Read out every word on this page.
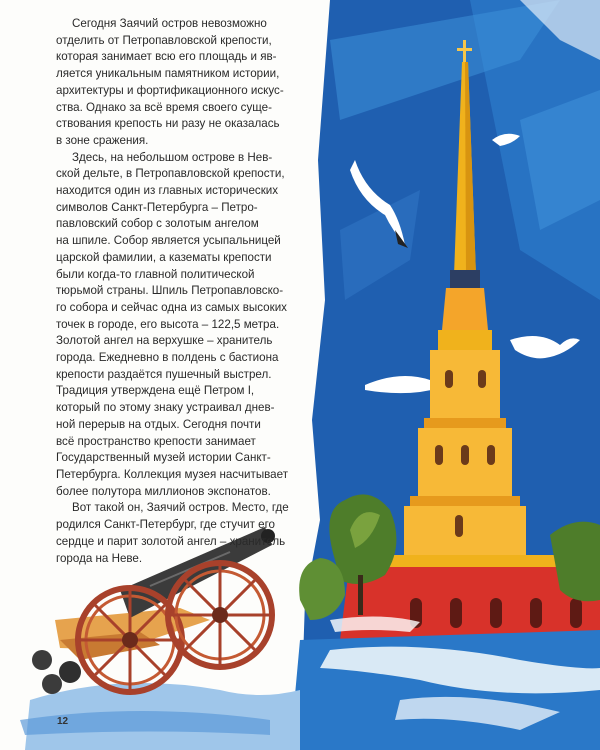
Сегодня Заячий остров невозможно
отделить от Петропавловской крепости,
которая занимает всю его площадь и яв-
ляется уникальным памятником истории,
архитектуры и фортификационного искус-
ства. Однако за всё время своего суще-
ствования крепость ни разу не оказалась
в зоне сражения.

Здесь, на небольшом острове в Нев-
ской дельте, в Петропавловской крепости,
находится один из главных исторических
символов Санкт-Петербурга – Петро-
павловский собор с золотым ангелом
на шпиле. Собор является усыпальницей
царской фамилии, а казематы крепости
были когда-то главной политической
тюрьмой страны. Шпиль Петропавловско-
го собора и сейчас одна из самых высоких
точек в городе, его высота – 122,5 метра.
Золотой ангел на верхушке – хранитель
города. Ежедневно в полдень с бастиона
крепости раздаётся пушечный выстрел.
Традиция утверждена ещё Петром I,
который по этому знаку устраивал днев-
ной перерыв на отдых. Сегодня почти
всё пространство крепости занимает
Государственный музей истории Санкт-
Петербурга. Коллекция музея насчитывает
более полутора миллионов экспонатов.

Вот такой он, Заячий остров. Место, где
родился Санкт-Петербург, где стучит его
сердце и парит золотой ангел – хранитель
города на Неве.

12
